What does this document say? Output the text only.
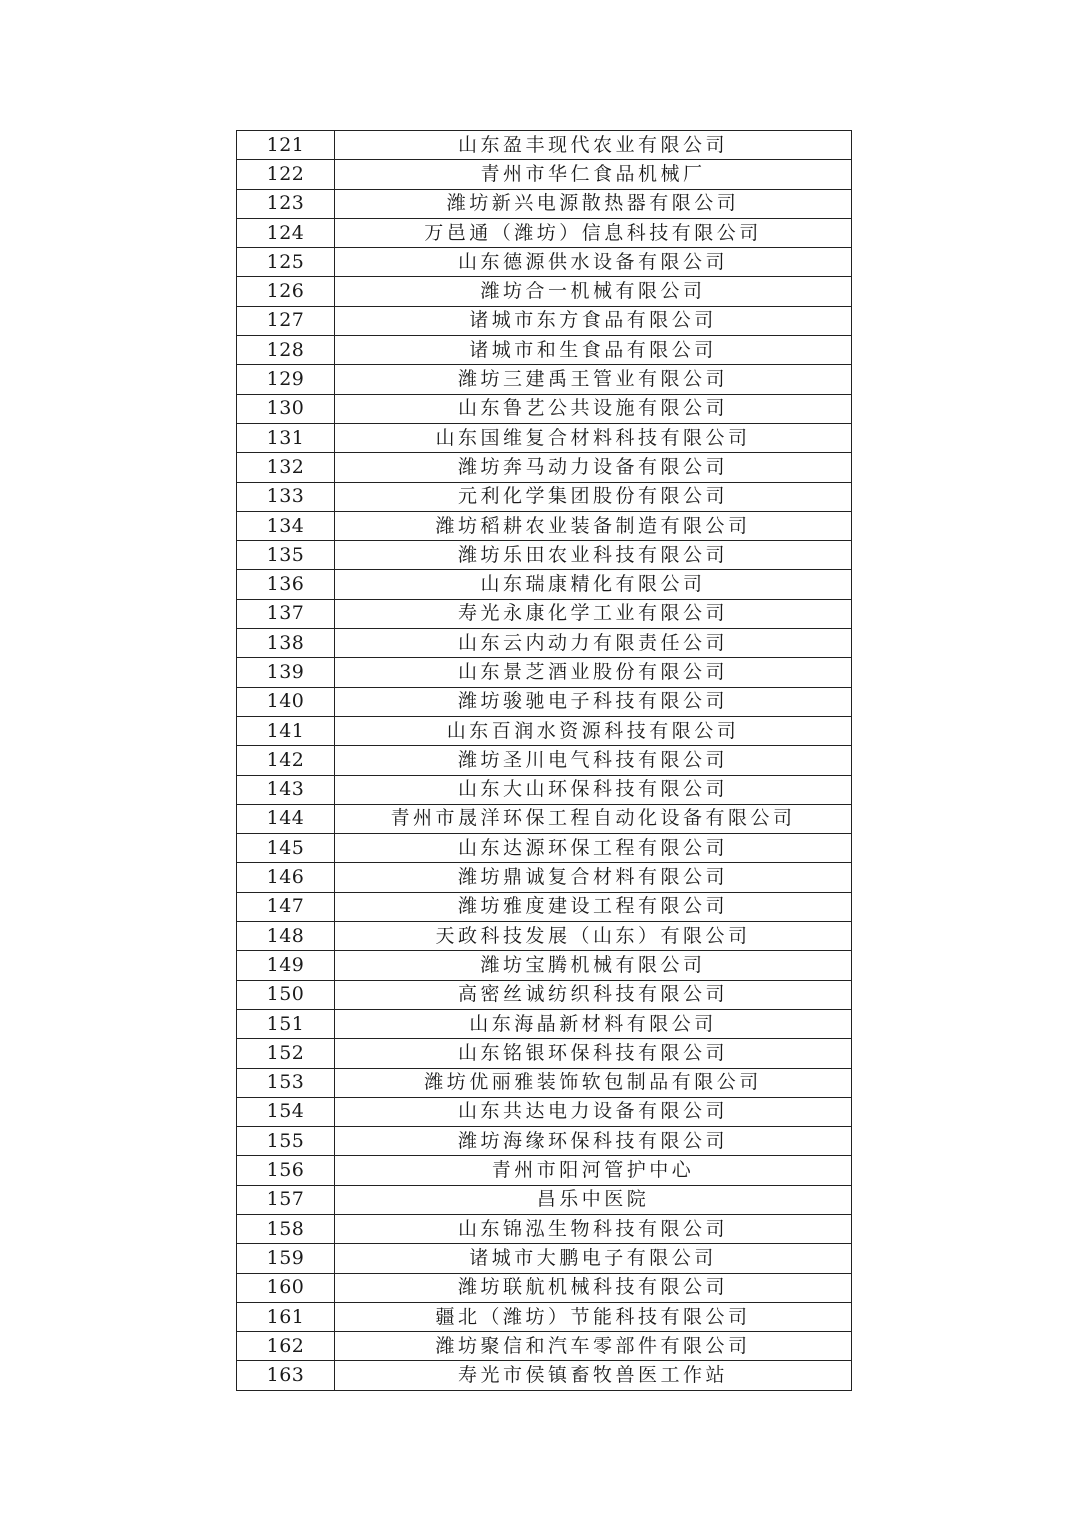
121	山东盈丰现代农业有限公司
122	青州市华仁食品机械厂
123	潍坊新兴电源散热器有限公司
124	万邑通（潍坊）信息科技有限公司
125	山东德源供水设备有限公司
126	潍坊合一机械有限公司
127	诸城市东方食品有限公司
128	诸城市和生食品有限公司
129	潍坊三建禹王管业有限公司
130	山东鲁艺公共设施有限公司
131	山东国维复合材料科技有限公司
132	潍坊奔马动力设备有限公司
133	元利化学集团股份有限公司
134	潍坊稻耕农业装备制造有限公司
135	潍坊乐田农业科技有限公司
136	山东瑞康精化有限公司
137	寿光永康化学工业有限公司
138	山东云内动力有限责任公司
139	山东景芝酒业股份有限公司
140	潍坊骏驰电子科技有限公司
141	山东百润水资源科技有限公司
142	潍坊圣川电气科技有限公司
143	山东大山环保科技有限公司
144	青州市晟洋环保工程自动化设备有限公司
145	山东达源环保工程有限公司
146	潍坊鼎诚复合材料有限公司
147	潍坊雅度建设工程有限公司
148	天政科技发展（山东）有限公司
149	潍坊宝腾机械有限公司
150	高密丝诚纺织科技有限公司
151	山东海晶新材料有限公司
152	山东铭银环保科技有限公司
153	潍坊优丽雅装饰软包制品有限公司
154	山东共达电力设备有限公司
155	潍坊海缘环保科技有限公司
156	青州市阳河管护中心
157	昌乐中医院
158	山东锦泓生物科技有限公司
159	诸城市大鹏电子有限公司
160	潍坊联航机械科技有限公司
161	疆北（潍坊）节能科技有限公司
162	潍坊聚信和汽车零部件有限公司
163	寿光市侯镇畜牧兽医工作站
